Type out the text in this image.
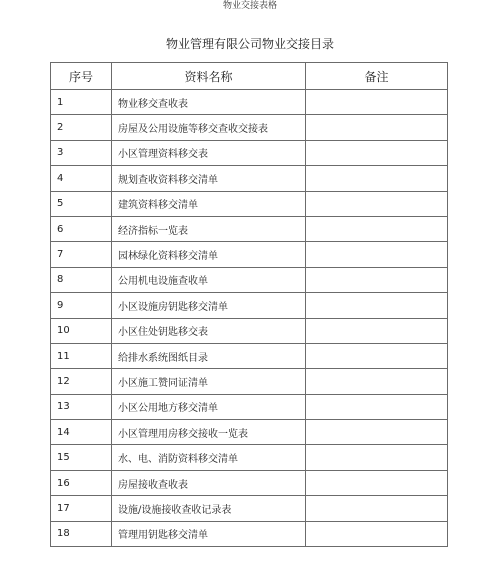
物业交接表格
物业管理有限公司物业交接目录
序号	资料名称	备注
1	物业移交查收表	
2	房屋及公用设施等移交查收交接表	
3	小区管理资料移交表	
4	规划查收资料移交清单	
5	建筑资料移交清单	
6	经济指标一览表	
7	园林绿化资料移交清单	
8	公用机电设施查收单	
9	小区设施房钥匙移交清单	
10	小区住处钥匙移交表	
11	给排水系统图纸目录	
12	小区施工赞同证清单	
13	小区公用地方移交清单	
14	小区管理用房移交接收一览表	
15	水、电、消防资料移交清单	
16	房屋接收查收表	
17	设施/设施接收查收记录表	
18	管理用钥匙移交清单	
